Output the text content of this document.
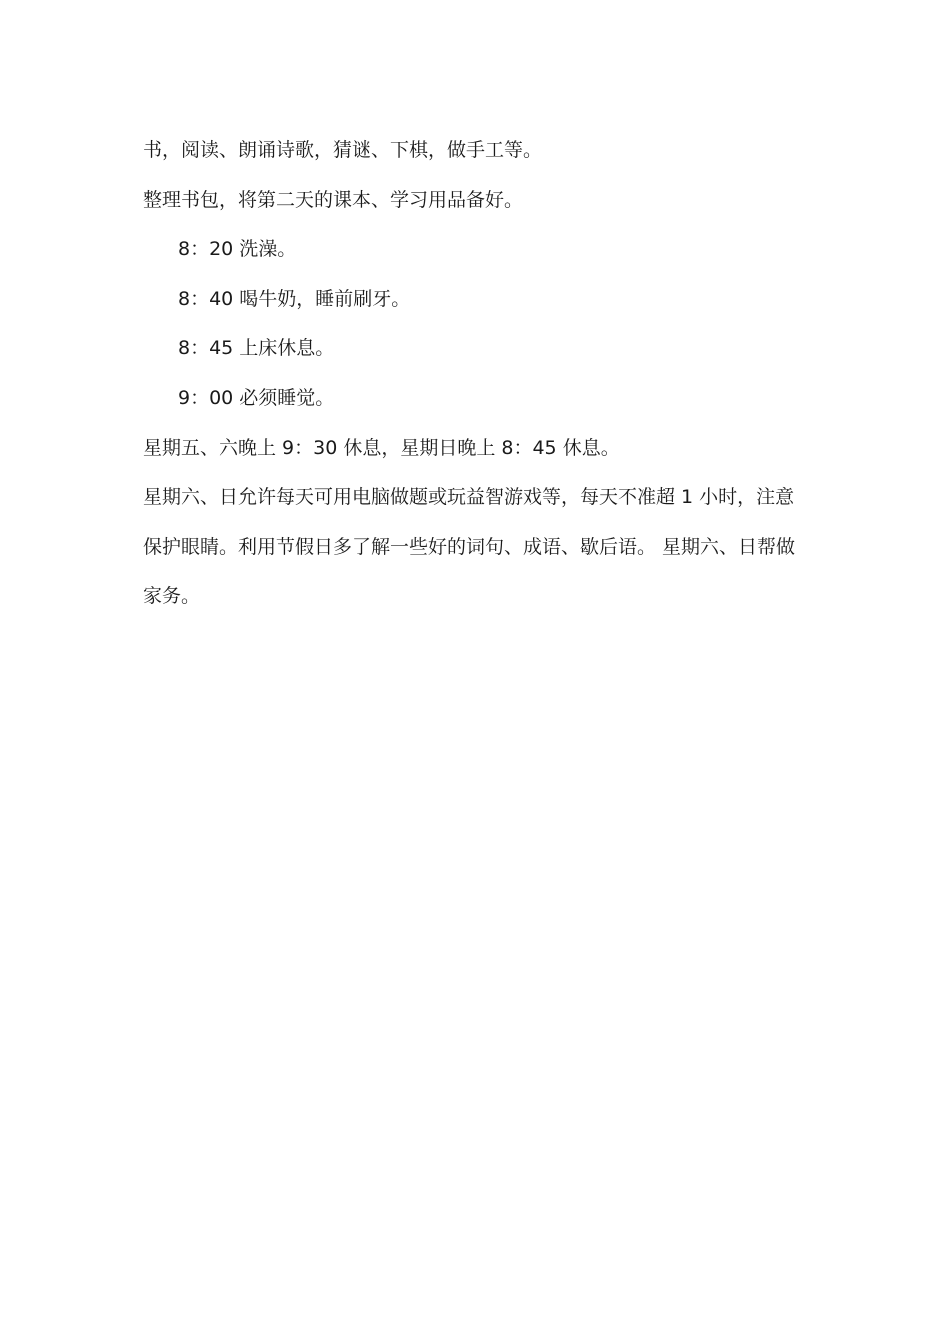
书，阅读、朗诵诗歌，猜谜、下棋，做手工等。
整理书包，将第二天的课本、学习用品备好。
8：20 洗澡。
8：40 喝牛奶，睡前刷牙。
8：45 上床休息。
9：00 必须睡觉。
星期五、六晚上 9：30 休息，星期日晚上 8：45 休息。
星期六、日允许每天可用电脑做题或玩益智游戏等，每天不准超 1 小时，注意
保护眼睛。利用节假日多了解一些好的词句、成语、歇后语。 星期六、日帮做
家务。
